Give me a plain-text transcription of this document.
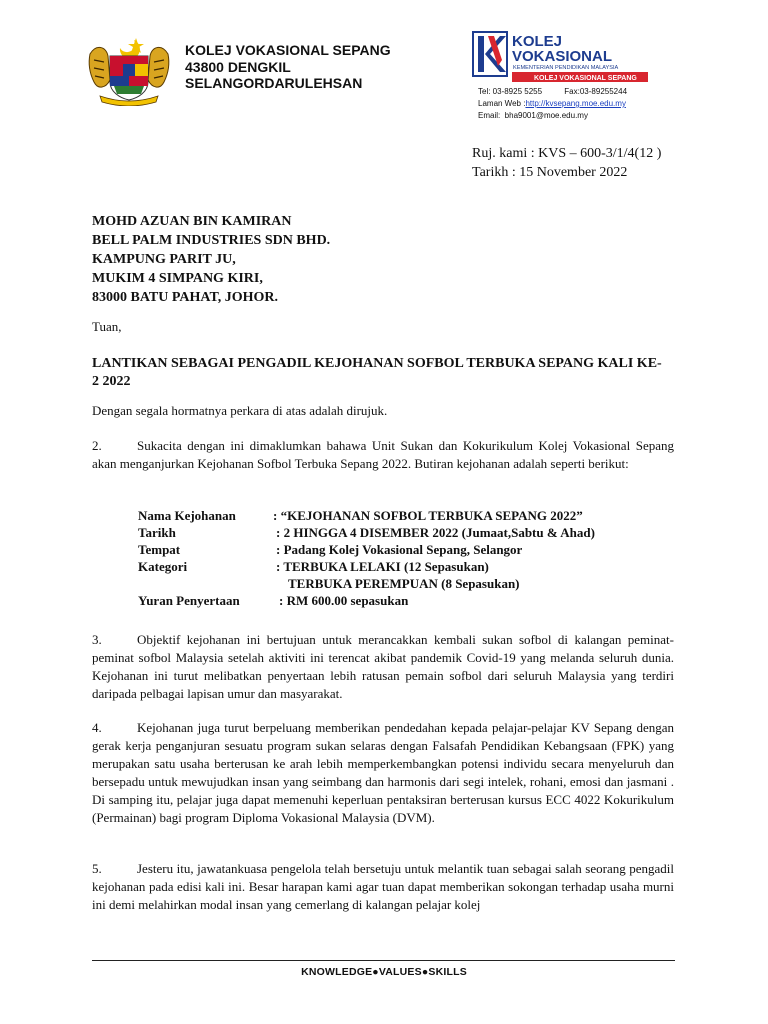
KOLEJ VOKASIONAL SEPANG
43800 DENGKIL
SELANGORDARULEHSAN
KOLEJ
VOKASIONAL
KEMENTERIAN PENDIDIKAN MALAYSIA
KOLEJ VOKASIONAL SEPANG
Tel: 03-8925 5255	Fax:03-89255244
Laman Web :http://kvsepang.moe.edu.my
Email:  bha9001@moe.edu.my
Ruj. kami : KVS – 600-3/1/4(12 )
Tarikh : 15 November 2022
MOHD AZUAN BIN KAMIRAN
BELL PALM INDUSTRIES SDN BHD.
KAMPUNG PARIT JU,
MUKIM 4 SIMPANG KIRI,
83000 BATU PAHAT, JOHOR.
Tuan,
LANTIKAN SEBAGAI PENGADIL KEJOHANAN SOFBOL TERBUKA SEPANG KALI KE-
2 2022
Dengan segala hormatnya perkara di atas adalah dirujuk.
2.	Sukacita dengan ini dimaklumkan bahawa Unit Sukan dan Kokurikulum Kolej Vokasional Sepang akan menganjurkan Kejohanan Sofbol Terbuka Sepang 2022. Butiran kejohanan adalah seperti berikut:
Nama Kejohanan	: “KEJOHANAN SOFBOL TERBUKA SEPANG 2022”
Tarikh	: 2 HINGGA 4 DISEMBER 2022 (Jumaat,Sabtu & Ahad)
Tempat	: Padang Kolej Vokasional Sepang, Selangor
Kategori	: TERBUKA LELAKI (12 Sepasukan)
TERBUKA PEREMPUAN (8 Sepasukan)
Yuran Penyertaan	: RM 600.00 sepasukan
3.	Objektif kejohanan ini bertujuan untuk merancakkan kembali sukan sofbol di kalangan peminat-peminat sofbol Malaysia setelah aktiviti ini terencat akibat pandemik Covid-19 yang melanda seluruh dunia. Kejohanan ini turut melibatkan penyertaan lebih ratusan pemain sofbol dari seluruh Malaysia yang terdiri daripada pelbagai lapisan umur dan masyarakat.
4.	Kejohanan juga turut berpeluang memberikan pendedahan kepada pelajar-pelajar KV Sepang dengan gerak kerja penganjuran sesuatu program sukan selaras dengan Falsafah Pendidikan Kebangsaan (FPK) yang merupakan satu usaha berterusan ke arah lebih memperkembangkan potensi individu secara menyeluruh dan bersepadu untuk mewujudkan insan yang seimbang dan harmonis dari segi intelek, rohani, emosi dan jasmani . Di samping itu, pelajar juga dapat memenuhi keperluan pentaksiran berterusan kursus ECC 4022 Kokurikulum (Permainan) bagi program Diploma Vokasional Malaysia (DVM).
5.	Jesteru itu, jawatankuasa pengelola telah bersetuju untuk melantik tuan sebagai salah seorang pengadil kejohanan pada edisi kali ini. Besar harapan kami agar tuan dapat memberikan sokongan terhadap usaha murni ini demi melahirkan modal insan yang cemerlang di kalangan pelajar kolej
KNOWLEDGE●VALUES●SKILLS
